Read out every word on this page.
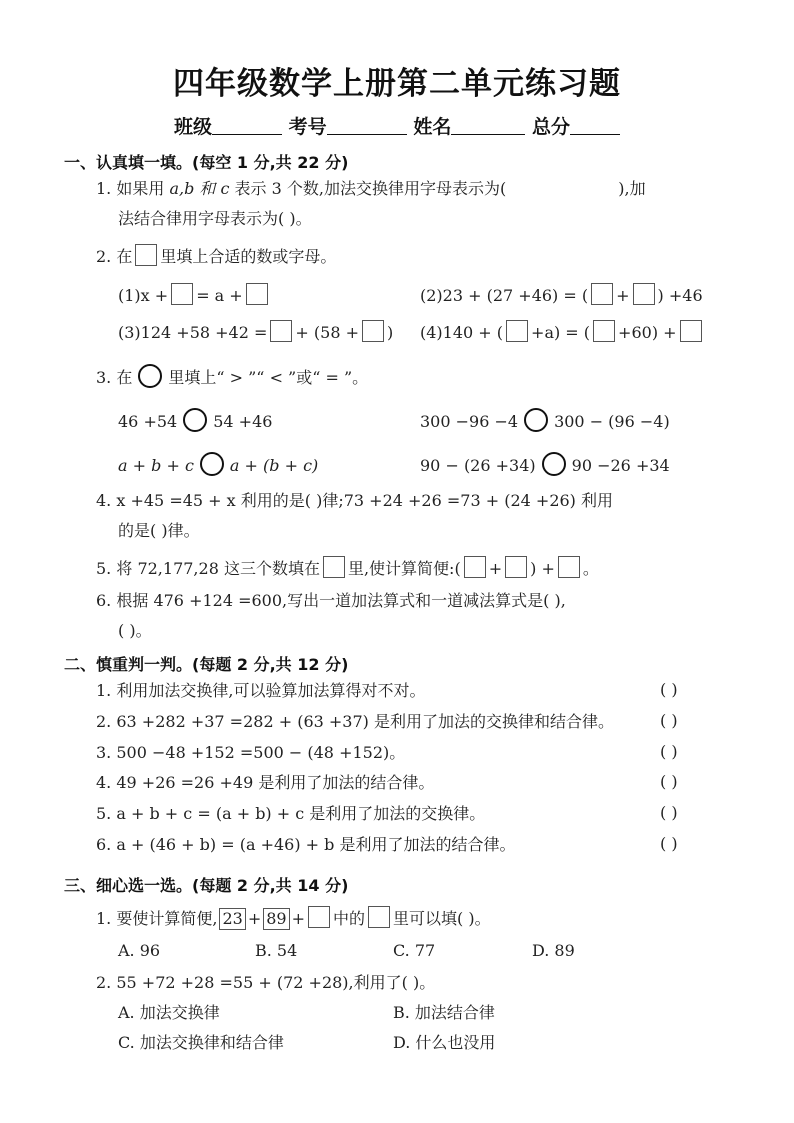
四年级数学上册第二单元练习题
班级	考号	姓名	总分
一、认真填一填。(每空 1 分,共 22 分)
1. 如果用 a,b 和 c 表示 3 个数,加法交换律用字母表示为(	),加
法结合律用字母表示为( )。
2. 在 里填上合适的数或字母。
(1)x + = a +	(2)23 + (27 +46) = ( + ) +46
(3)124 +58 +42 = + (58 + ) (4)140 + ( +a) = ( +60) +
3. 在 里填上“ > ”“ < ”或“ = ”。
46 +54 54 +46	300 −96 −4 300 − (96 −4)
a + b + c a + (b + c)	90 − (26 +34) 90 −26 +34
4. x +45 =45 + x 利用的是( )律;73 +24 +26 =73 + (24 +26) 利用
的是( )律。
5. 将 72,177,28 这三个数填在 里,使计算简便:( + ) + 。
6. 根据 476 +124 =600,写出一道加法算式和一道减法算式是( ),
( )。
二、慎重判一判。(每题 2 分,共 12 分)
1. 利用加法交换律,可以验算加法算得对不对。	( )
2. 63 +282 +37 =282 + (63 +37) 是利用了加法的交换律和结合律。	( )
3. 500 −48 +152 =500 − (48 +152)。	( )
4. 49 +26 =26 +49 是利用了加法的结合律。	( )
5. a + b + c = (a + b) + c 是利用了加法的交换律。	( )
6. a + (46 + b) = (a +46) + b 是利用了加法的结合律。	( )
三、细心选一选。(每题 2 分,共 14 分)
1. 要使计算简便, 23 + 89 + 中的 里可以填( )。
A. 96	B. 54	C. 77	D. 89
2. 55 +72 +28 =55 + (72 +28),利用了( )。
A. 加法交换律	B. 加法结合律
C. 加法交换律和结合律	D. 什么也没用
